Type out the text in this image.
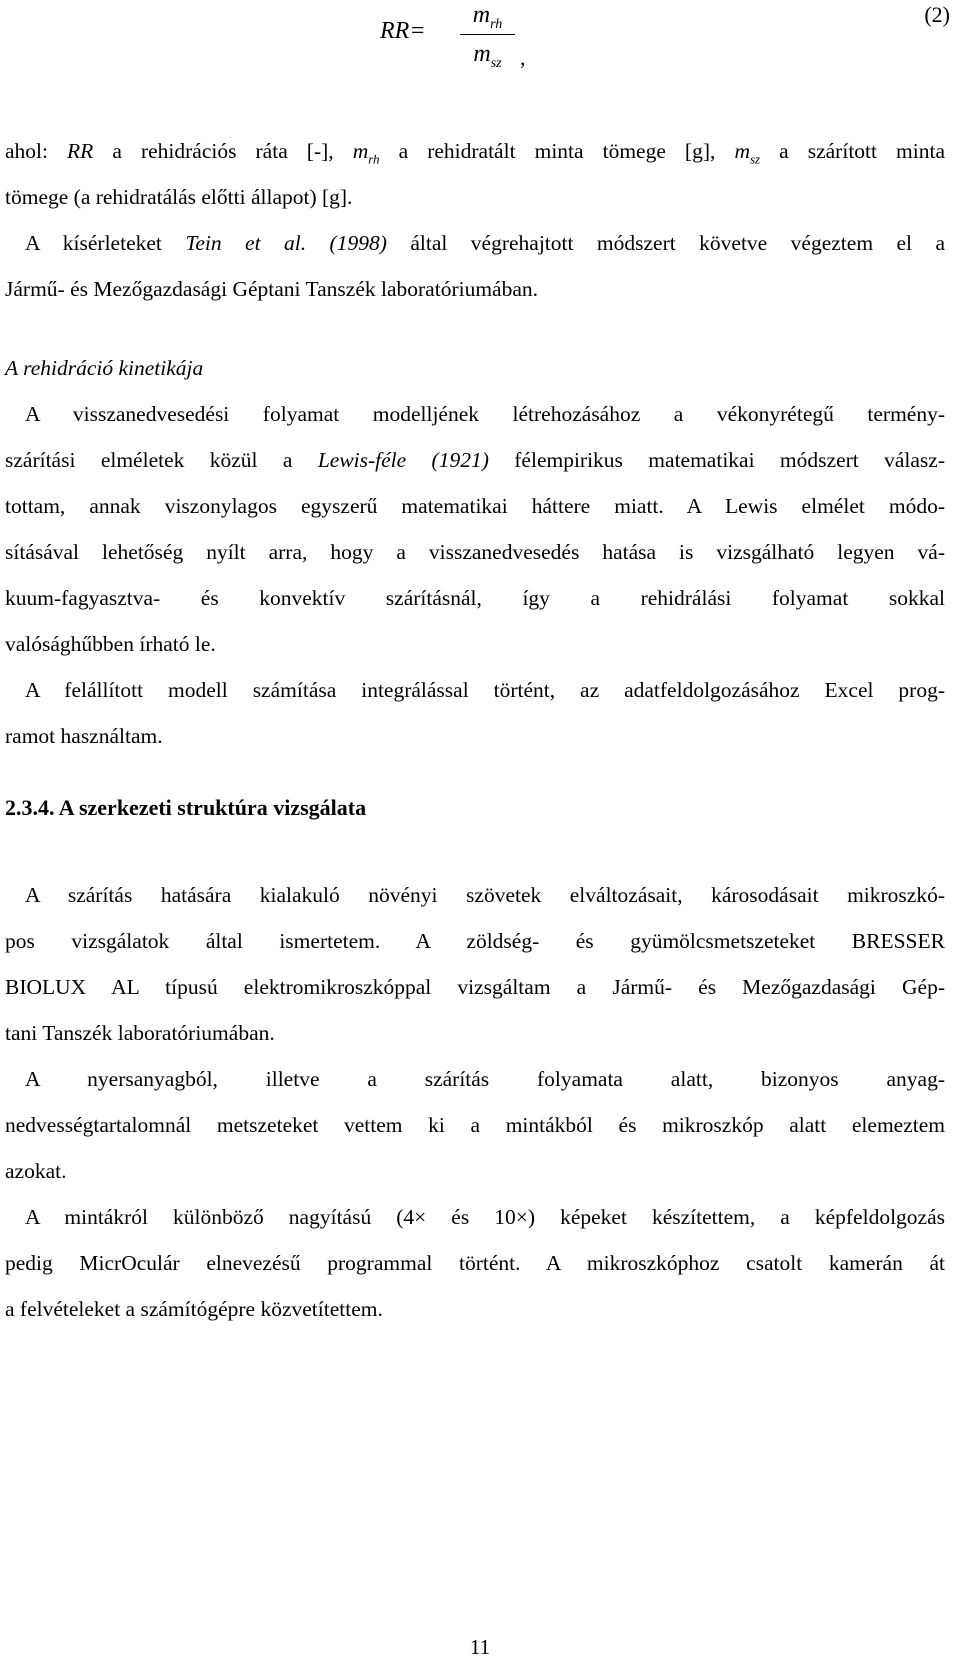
RR=
$m_{rh}$
$m_{sz}$ ,
(2)

ahol: RR a rehidrációs ráta [-], $m_{rh}$ a rehidratált minta tömege [g], $m_{sz}$ a szárított minta

tömege (a rehidratálás előtti állapot) [g].

A kísérleteket Tein et al. (1998) által végrehajtott módszert követve végeztem el a

Jármű- és Mezőgazdasági Géptani Tanszék laboratóriumában.

A rehidráció kinetikája

A visszanedvesedési folyamat modelljének létrehozásához a vékonyrétegű termény-

szárítási elméletek közül a Lewis-féle (1921) félempirikus matematikai módszert válasz-

tottam, annak viszonylagos egyszerű matematikai háttere miatt. A Lewis elmélet módo-

sításával lehetőség nyílt arra, hogy a visszanedvesedés hatása is vizsgálható legyen vá-

kuum-fagyasztva- és konvektív szárításnál, így a rehidrálási folyamat sokkal

valósághűbben írható le.

A felállított modell számítása integrálással történt, az adatfeldolgozásához Excel prog-

ramot használtam.

2.3.4. A szerkezeti struktúra vizsgálata

A szárítás hatására kialakuló növényi szövetek elváltozásait, károsodásait mikroszkó-

pos vizsgálatok által ismertetem. A zöldség- és gyümölcsmetszeteket BRESSER

BIOLUX AL típusú elektromikroszkóppal vizsgáltam a Jármű- és Mezőgazdasági Gép-

tani Tanszék laboratóriumában.

A nyersanyagból, illetve a szárítás folyamata alatt, bizonyos anyag-

nedvességtartalomnál metszeteket vettem ki a mintákból és mikroszkóp alatt elemeztem

azokat.

A mintákról különböző nagyítású (4× és 10×) képeket készítettem, a képfeldolgozás

pedig MicrOculár elnevezésű programmal történt. A mikroszkóphoz csatolt kamerán át

a felvételeket a számítógépre közvetítettem.

11
